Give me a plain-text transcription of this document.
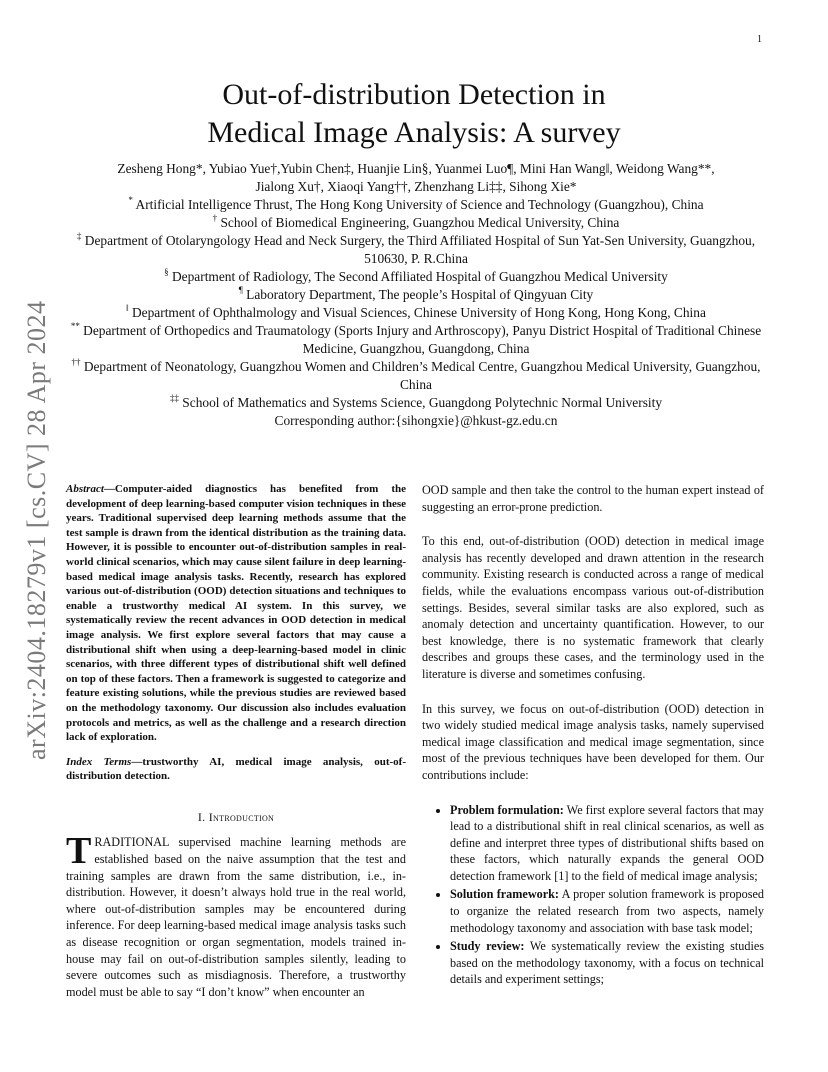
1
arXiv:2404.18279v1 [cs.CV] 28 Apr 2024
Out-of-distribution Detection in
Medical Image Analysis: A survey
Zesheng Hong*, Yubiao Yue†,Yubin Chen‡, Huanjie Lin§, Yuanmei Luo¶, Mini Han Wang‖, Weidong Wang**,
Jialong Xu†, Xiaoqi Yang††, Zhenzhang Li‡‡, Sihong Xie*
* Artificial Intelligence Thrust, The Hong Kong University of Science and Technology (Guangzhou), China
† School of Biomedical Engineering, Guangzhou Medical University, China
‡ Department of Otolaryngology Head and Neck Surgery, the Third Affiliated Hospital of Sun Yat-Sen University, Guangzhou, 510630, P. R.China
§ Department of Radiology, The Second Affiliated Hospital of Guangzhou Medical University
¶ Laboratory Department, The people’s Hospital of Qingyuan City
‖ Department of Ophthalmology and Visual Sciences, Chinese University of Hong Kong, Hong Kong, China
** Department of Orthopedics and Traumatology (Sports Injury and Arthroscopy), Panyu District Hospital of Traditional Chinese Medicine, Guangzhou, Guangdong, China
†† Department of Neonatology, Guangzhou Women and Children’s Medical Centre, Guangzhou Medical University, Guangzhou, China
‡‡ School of Mathematics and Systems Science, Guangdong Polytechnic Normal University
Corresponding author:{sihongxie}@hkust-gz.edu.cn

Abstract—Computer-aided diagnostics has benefited from the development of deep learning-based computer vision techniques in these years. Traditional supervised deep learning methods assume that the test sample is drawn from the identical distribution as the training data. However, it is possible to encounter out-of-distribution samples in real-world clinical scenarios, which may cause silent failure in deep learning-based medical image analysis tasks. Recently, research has explored various out-of-distribution (OOD) detection situations and techniques to enable a trustworthy medical AI system. In this survey, we systematically review the recent advances in OOD detection in medical image analysis. We first explore several factors that may cause a distributional shift when using a deep-learning-based model in clinic scenarios, with three different types of distributional shift well defined on top of these factors. Then a framework is suggested to categorize and feature existing solutions, while the previous studies are reviewed based on the methodology taxonomy. Our discussion also includes evaluation protocols and metrics, as well as the challenge and a research direction lack of exploration.

Index Terms—trustworthy AI, medical image analysis, out-of-distribution detection.

I. Introduction

TRADITIONAL supervised machine learning methods are established based on the naive assumption that the test and training samples are drawn from the same distribution, i.e., in-distribution. However, it doesn’t always hold true in the real world, where out-of-distribution samples may be encountered during inference. For deep learning-based medical image analysis tasks such as disease recognition or organ segmentation, models trained in-house may fail on out-of-distribution samples silently, leading to severe outcomes such as misdiagnosis. Therefore, a trustworthy model must be able to say “I don’t know” when encounter an

OOD sample and then take the control to the human expert instead of suggesting an error-prone prediction.

To this end, out-of-distribution (OOD) detection in medical image analysis has recently developed and drawn attention in the research community. Existing research is conducted across a range of medical fields, while the evaluations encompass various out-of-distribution settings. Besides, several similar tasks are also explored, such as anomaly detection and uncertainty quantification. However, to our best knowledge, there is no systematic framework that clearly describes and groups these cases, and the terminology used in the literature is diverse and sometimes confusing.

In this survey, we focus on out-of-distribution (OOD) detection in two widely studied medical image analysis tasks, namely supervised medical image classification and medical image segmentation, since most of the previous techniques have been developed for them. Our contributions include:

• Problem formulation: We first explore several factors that may lead to a distributional shift in real clinical scenarios, as well as define and interpret three types of distributional shifts based on these factors, which naturally expands the general OOD detection framework [1] to the field of medical image analysis;
• Solution framework: A proper solution framework is proposed to organize the related research from two aspects, namely methodology taxonomy and association with base task model;
• Study review: We systematically review the existing studies based on the methodology taxonomy, with a focus on technical details and experiment settings;
